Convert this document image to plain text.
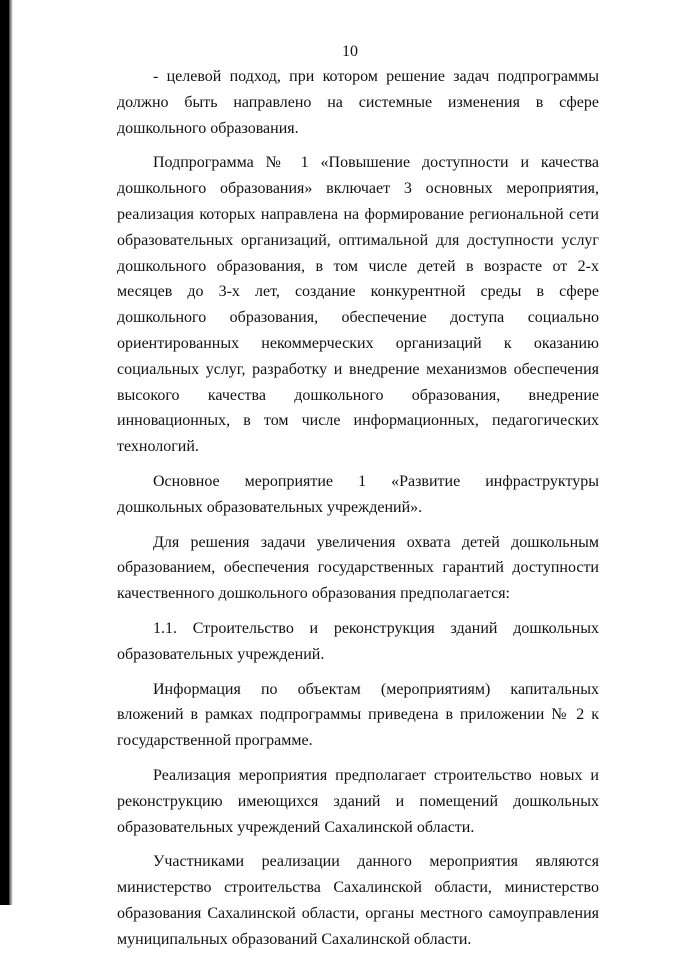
10

- целевой подход, при котором решение задач подпрограммы должно быть направлено на системные изменения в сфере дошкольного образования.

Подпрограмма № 1 «Повышение доступности и качества дошкольного образования» включает 3 основных мероприятия, реализация которых направлена на формирование региональной сети образовательных организаций, оптимальной для доступности услуг дошкольного образования, в том числе детей в возрасте от 2-х месяцев до 3-х лет, создание конкурентной среды в сфере дошкольного образования, обеспечение доступа социально ориентированных некоммерческих организаций к оказанию социальных услуг, разработку и внедрение механизмов обеспечения высокого качества дошкольного образования, внедрение инновационных, в том числе информационных, педагогических технологий.

Основное мероприятие 1 «Развитие инфраструктуры дошкольных образовательных учреждений».

Для решения задачи увеличения охвата детей дошкольным образованием, обеспечения государственных гарантий доступности качественного дошкольного образования предполагается:

1.1. Строительство и реконструкция зданий дошкольных образовательных учреждений.

Информация по объектам (мероприятиям) капитальных вложений в рамках подпрограммы приведена в приложении № 2 к государственной программе.

Реализация мероприятия предполагает строительство новых и реконструкцию имеющихся зданий и помещений дошкольных образовательных учреждений Сахалинской области.

Участниками реализации данного мероприятия являются министерство строительства Сахалинской области, министерство образования Сахалинской области, органы местного самоуправления муниципальных образований Сахалинской области.
